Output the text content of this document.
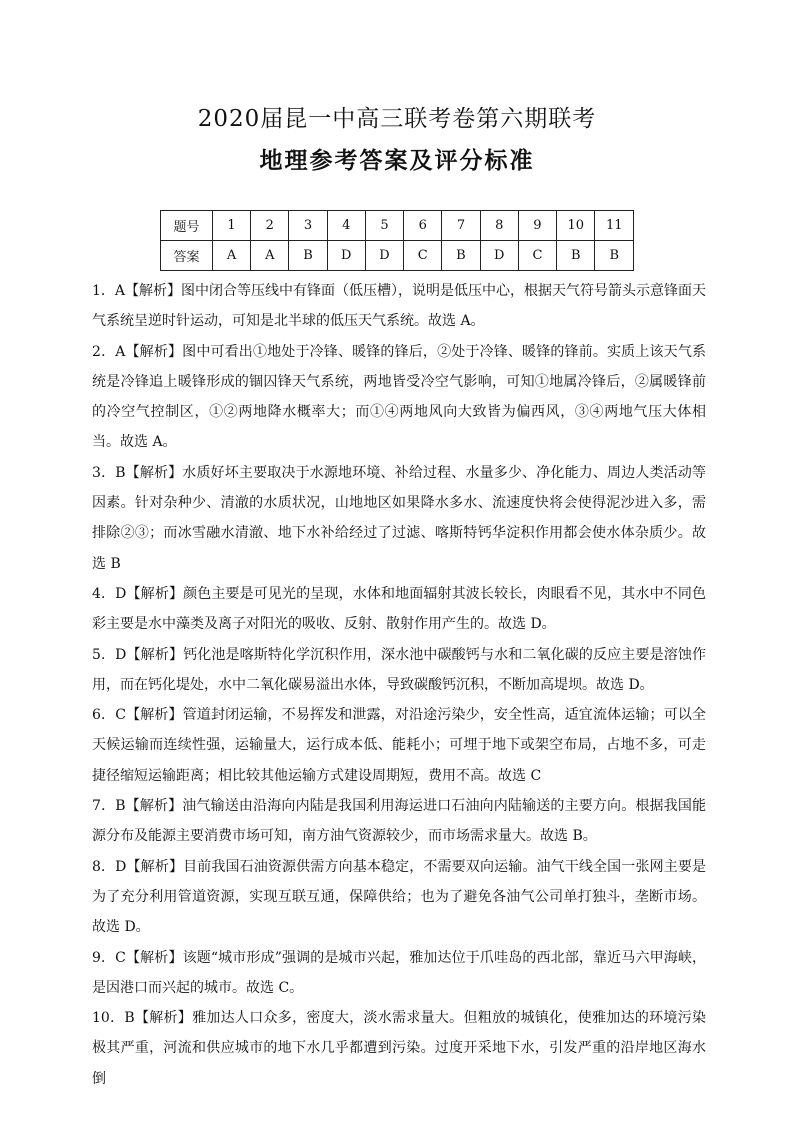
2020届昆一中高三联考卷第六期联考
地理参考答案及评分标准
题号	1	2	3	4	5	6	7	8	9	10	11
答案	A	A	B	D	D	C	B	D	C	B	B

1．A【解析】图中闭合等压线中有锋面（低压槽），说明是低压中心，根据天气符号箭头示意锋面天气系统呈逆时针运动，可知是北半球的低压天气系统。故选 A。

2．A【解析】图中可看出①地处于冷锋、暖锋的锋后，②处于冷锋、暖锋的锋前。实质上该天气系统是冷锋追上暖锋形成的锢囚锋天气系统，两地皆受冷空气影响，可知①地属冷锋后，②属暖锋前的冷空气控制区，①②两地降水概率大；而①④两地风向大致皆为偏西风，③④两地气压大体相当。故选 A。

3．B【解析】水质好坏主要取决于水源地环境、补给过程、水量多少、净化能力、周边人类活动等因素。针对杂种少、清澈的水质状况，山地地区如果降水多水、流速度快将会使得泥沙进入多，需排除②③；而冰雪融水清澈、地下水补给经过了过滤、喀斯特钙华淀积作用都会使水体杂质少。故选 B

4．D【解析】颜色主要是可见光的呈现，水体和地面辐射其波长较长，肉眼看不见，其水中不同色彩主要是水中藻类及离子对阳光的吸收、反射、散射作用产生的。故选 D。

5．D【解析】钙化池是喀斯特化学沉积作用，深水池中碳酸钙与水和二氧化碳的反应主要是溶蚀作用，而在钙化堤处，水中二氧化碳易溢出水体，导致碳酸钙沉积，不断加高堤坝。故选 D。

6．C【解析】管道封闭运输，不易挥发和泄露，对沿途污染少，安全性高，适宜流体运输；可以全天候运输而连续性强，运输量大，运行成本低、能耗小；可埋于地下或架空布局，占地不多，可走捷径缩短运输距离；相比较其他运输方式建设周期短，费用不高。故选 C

7．B【解析】油气输送由沿海向内陆是我国利用海运进口石油向内陆输送的主要方向。根据我国能源分布及能源主要消费市场可知，南方油气资源较少，而市场需求量大。故选 B。

8．D【解析】目前我国石油资源供需方向基本稳定，不需要双向运输。油气干线全国一张网主要是为了充分利用管道资源，实现互联互通，保障供给；也为了避免各油气公司单打独斗，垄断市场。故选 D。

9．C【解析】该题“城市形成”强调的是城市兴起，雅加达位于爪哇岛的西北部，靠近马六甲海峡，是因港口而兴起的城市。故选 C。

10．B【解析】雅加达人口众多，密度大，淡水需求量大。但粗放的城镇化，使雅加达的环境污染极其严重，河流和供应城市的地下水几乎都遭到污染。过度开采地下水，引发严重的沿岸地区海水倒
